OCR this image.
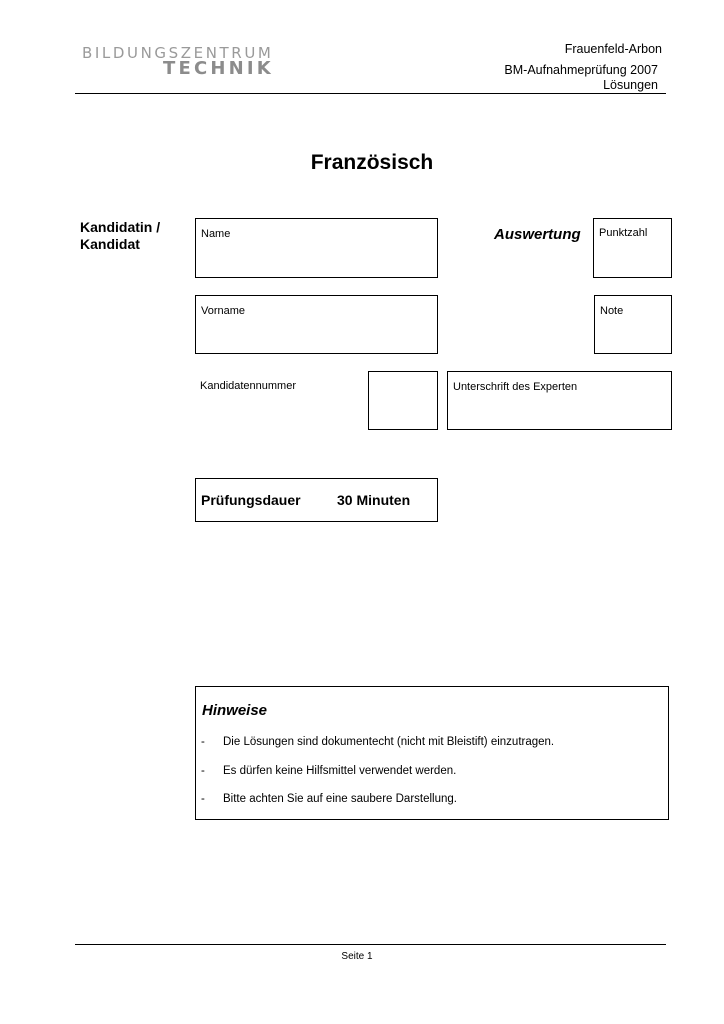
BILDUNGSZENTRUM
TECHNIK
Frauenfeld-Arbon
BM-Aufnahmeprüfung 2007
Lösungen
Französisch
Kandidatin /
Kandidat
Name	Auswertung Punktzahl
Vorname	Note
Kandidatennummer	Unterschrift des Experten
Prüfungsdauer	30 Minuten
Hinweise
- Die Lösungen sind dokumentecht (nicht mit Bleistift) einzutragen.
- Es dürfen keine Hilfsmittel verwendet werden.
- Bitte achten Sie auf eine saubere Darstellung.
Seite 1
